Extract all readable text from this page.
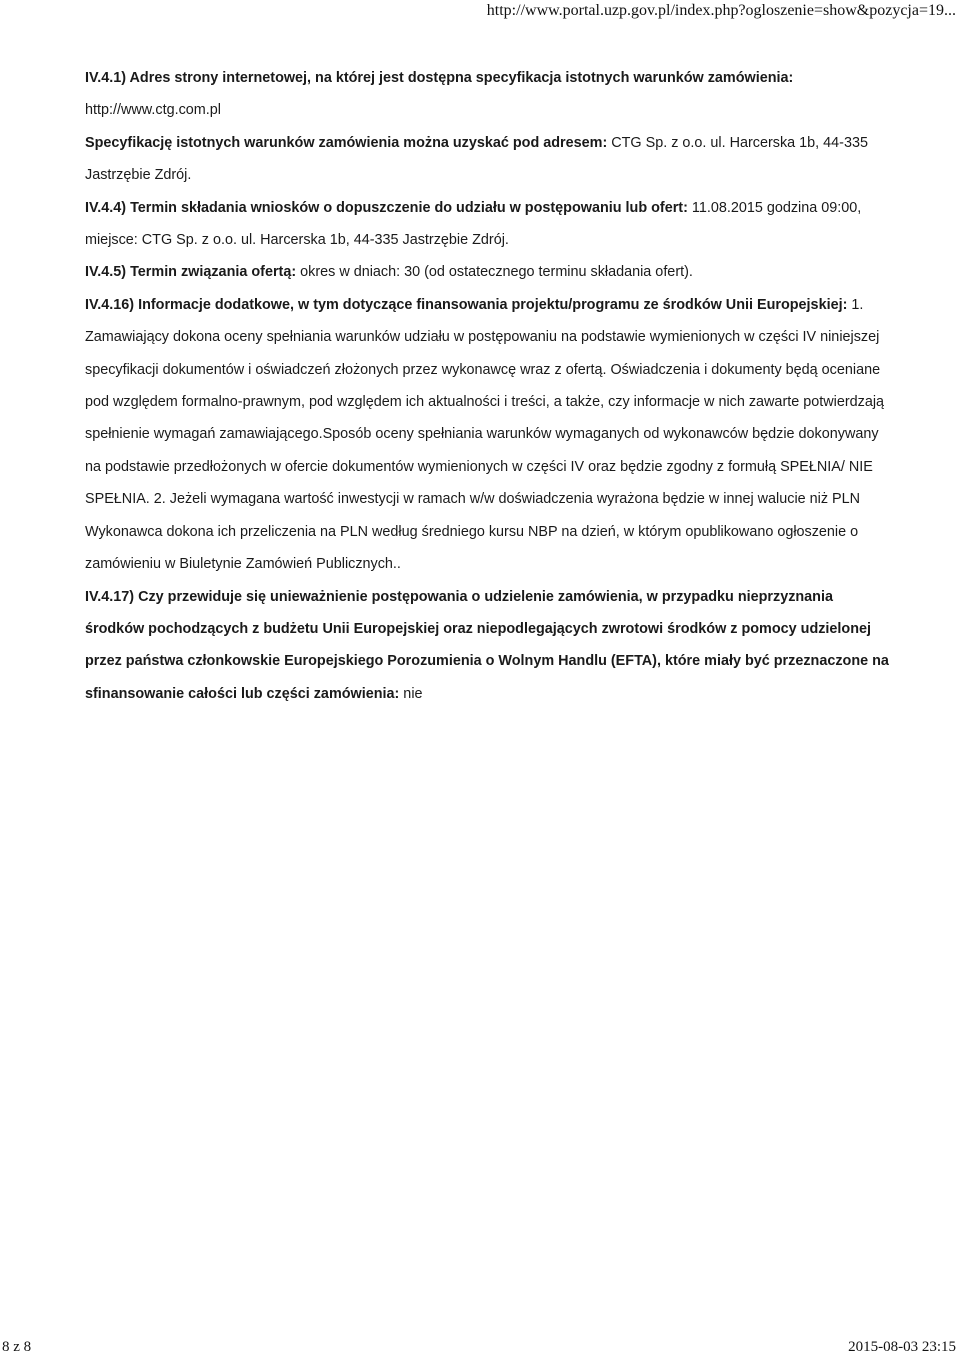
http://www.portal.uzp.gov.pl/index.php?ogloszenie=show&pozycja=19...

IV.4.1) Adres strony internetowej, na której jest dostępna specyfikacja istotnych warunków zamówienia: http://www.ctg.com.pl

Specyfikację istotnych warunków zamówienia można uzyskać pod adresem: CTG Sp. z o.o. ul. Harcerska 1b, 44-335 Jastrzębie Zdrój.

IV.4.4) Termin składania wniosków o dopuszczenie do udziału w postępowaniu lub ofert: 11.08.2015 godzina 09:00, miejsce: CTG Sp. z o.o. ul. Harcerska 1b, 44-335 Jastrzębie Zdrój.

IV.4.5) Termin związania ofertą: okres w dniach: 30 (od ostatecznego terminu składania ofert).

IV.4.16) Informacje dodatkowe, w tym dotyczące finansowania projektu/programu ze środków Unii Europejskiej: 1. Zamawiający dokona oceny spełniania warunków udziału w postępowaniu na podstawie wymienionych w części IV niniejszej specyfikacji dokumentów i oświadczeń złożonych przez wykonawcę wraz z ofertą. Oświadczenia i dokumenty będą oceniane pod względem formalno-prawnym, pod względem ich aktualności i treści, a także, czy informacje w nich zawarte potwierdzają spełnienie wymagań zamawiającego.Sposób oceny spełniania warunków wymaganych od wykonawców będzie dokonywany na podstawie przedłożonych w ofercie dokumentów wymienionych w części IV oraz będzie zgodny z formułą SPEŁNIA/ NIE SPEŁNIA. 2. Jeżeli wymagana wartość inwestycji w ramach w/w doświadczenia wyrażona będzie w innej walucie niż PLN Wykonawca dokona ich przeliczenia na PLN według średniego kursu NBP na dzień, w którym opublikowano ogłoszenie o zamówieniu w Biuletynie Zamówień Publicznych..

IV.4.17) Czy przewiduje się unieważnienie postępowania o udzielenie zamówienia, w przypadku nieprzyznania środków pochodzących z budżetu Unii Europejskiej oraz niepodlegających zwrotowi środków z pomocy udzielonej przez państwa członkowskie Europejskiego Porozumienia o Wolnym Handlu (EFTA), które miały być przeznaczone na sfinansowanie całości lub części zamówienia: nie

8 z 8	2015-08-03 23:15
